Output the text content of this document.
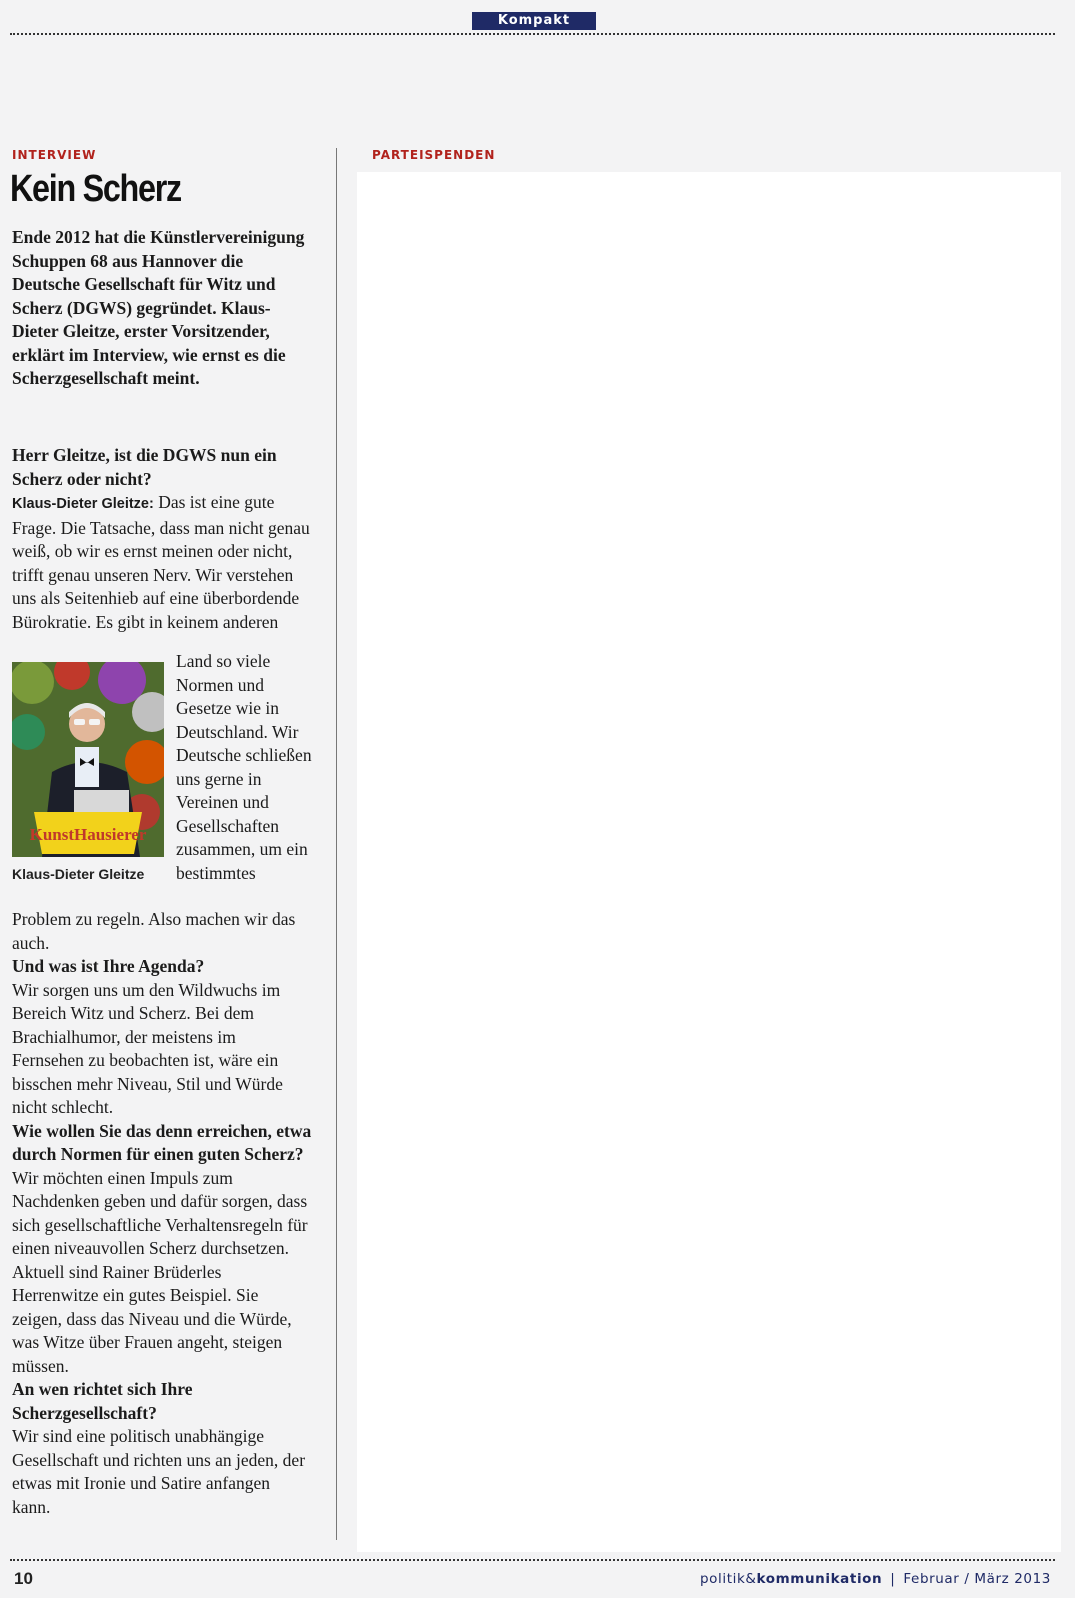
Kompakt
INTERVIEW
Kein Scherz
Ende 2012 hat die Künstlervereinigung Schuppen 68 aus Hannover die Deutsche Gesellschaft für Witz und Scherz (DGWS) gegründet. Klaus-Dieter Gleitze, erster Vorsitzender, erklärt im Interview, wie ernst es die Scherzgesellschaft meint.

Herr Gleitze, ist die DGWS nun ein Scherz oder nicht?

Klaus-Dieter Gleitze: Das ist eine gute Frage. Die Tatsache, dass man nicht genau weiß, ob wir es ernst meinen oder nicht, trifft genau unseren Nerv. Wir verstehen uns als Seitenhieb auf eine überbordende Bürokratie. Es gibt in keinem anderen

KunstHausierer
Klaus-Dieter Gleitze
Land so viele Normen und Gesetze wie in Deutschland. Wir Deutsche schließen uns gerne in Vereinen und Gesellschaften zusammen, um ein bestimmtes

Problem zu regeln. Also machen wir das auch.

Und was ist Ihre Agenda?

Wir sorgen uns um den Wildwuchs im Bereich Witz und Scherz. Bei dem Brachialhumor, der meistens im Fernsehen zu beobachten ist, wäre ein bisschen mehr Niveau, Stil und Würde nicht schlecht.

Wie wollen Sie das denn erreichen, etwa durch Normen für einen guten Scherz?

Wir möchten einen Impuls zum Nachdenken geben und dafür sorgen, dass sich gesellschaftliche Verhaltensregeln für einen niveauvollen Scherz durchsetzen. Aktuell sind Rainer Brüderles Herrenwitze ein gutes Beispiel. Sie zeigen, dass das Niveau und die Würde, was Witze über Frauen angeht, steigen müssen.

An wen richtet sich Ihre Scherzgesellschaft?

Wir sind eine politisch unabhängige Gesellschaft und richten uns an jeden, der etwas mit Ironie und Satire anfangen kann.

PARTEISPENDEN
10	politik&kommunikation | Februar / März 2013
